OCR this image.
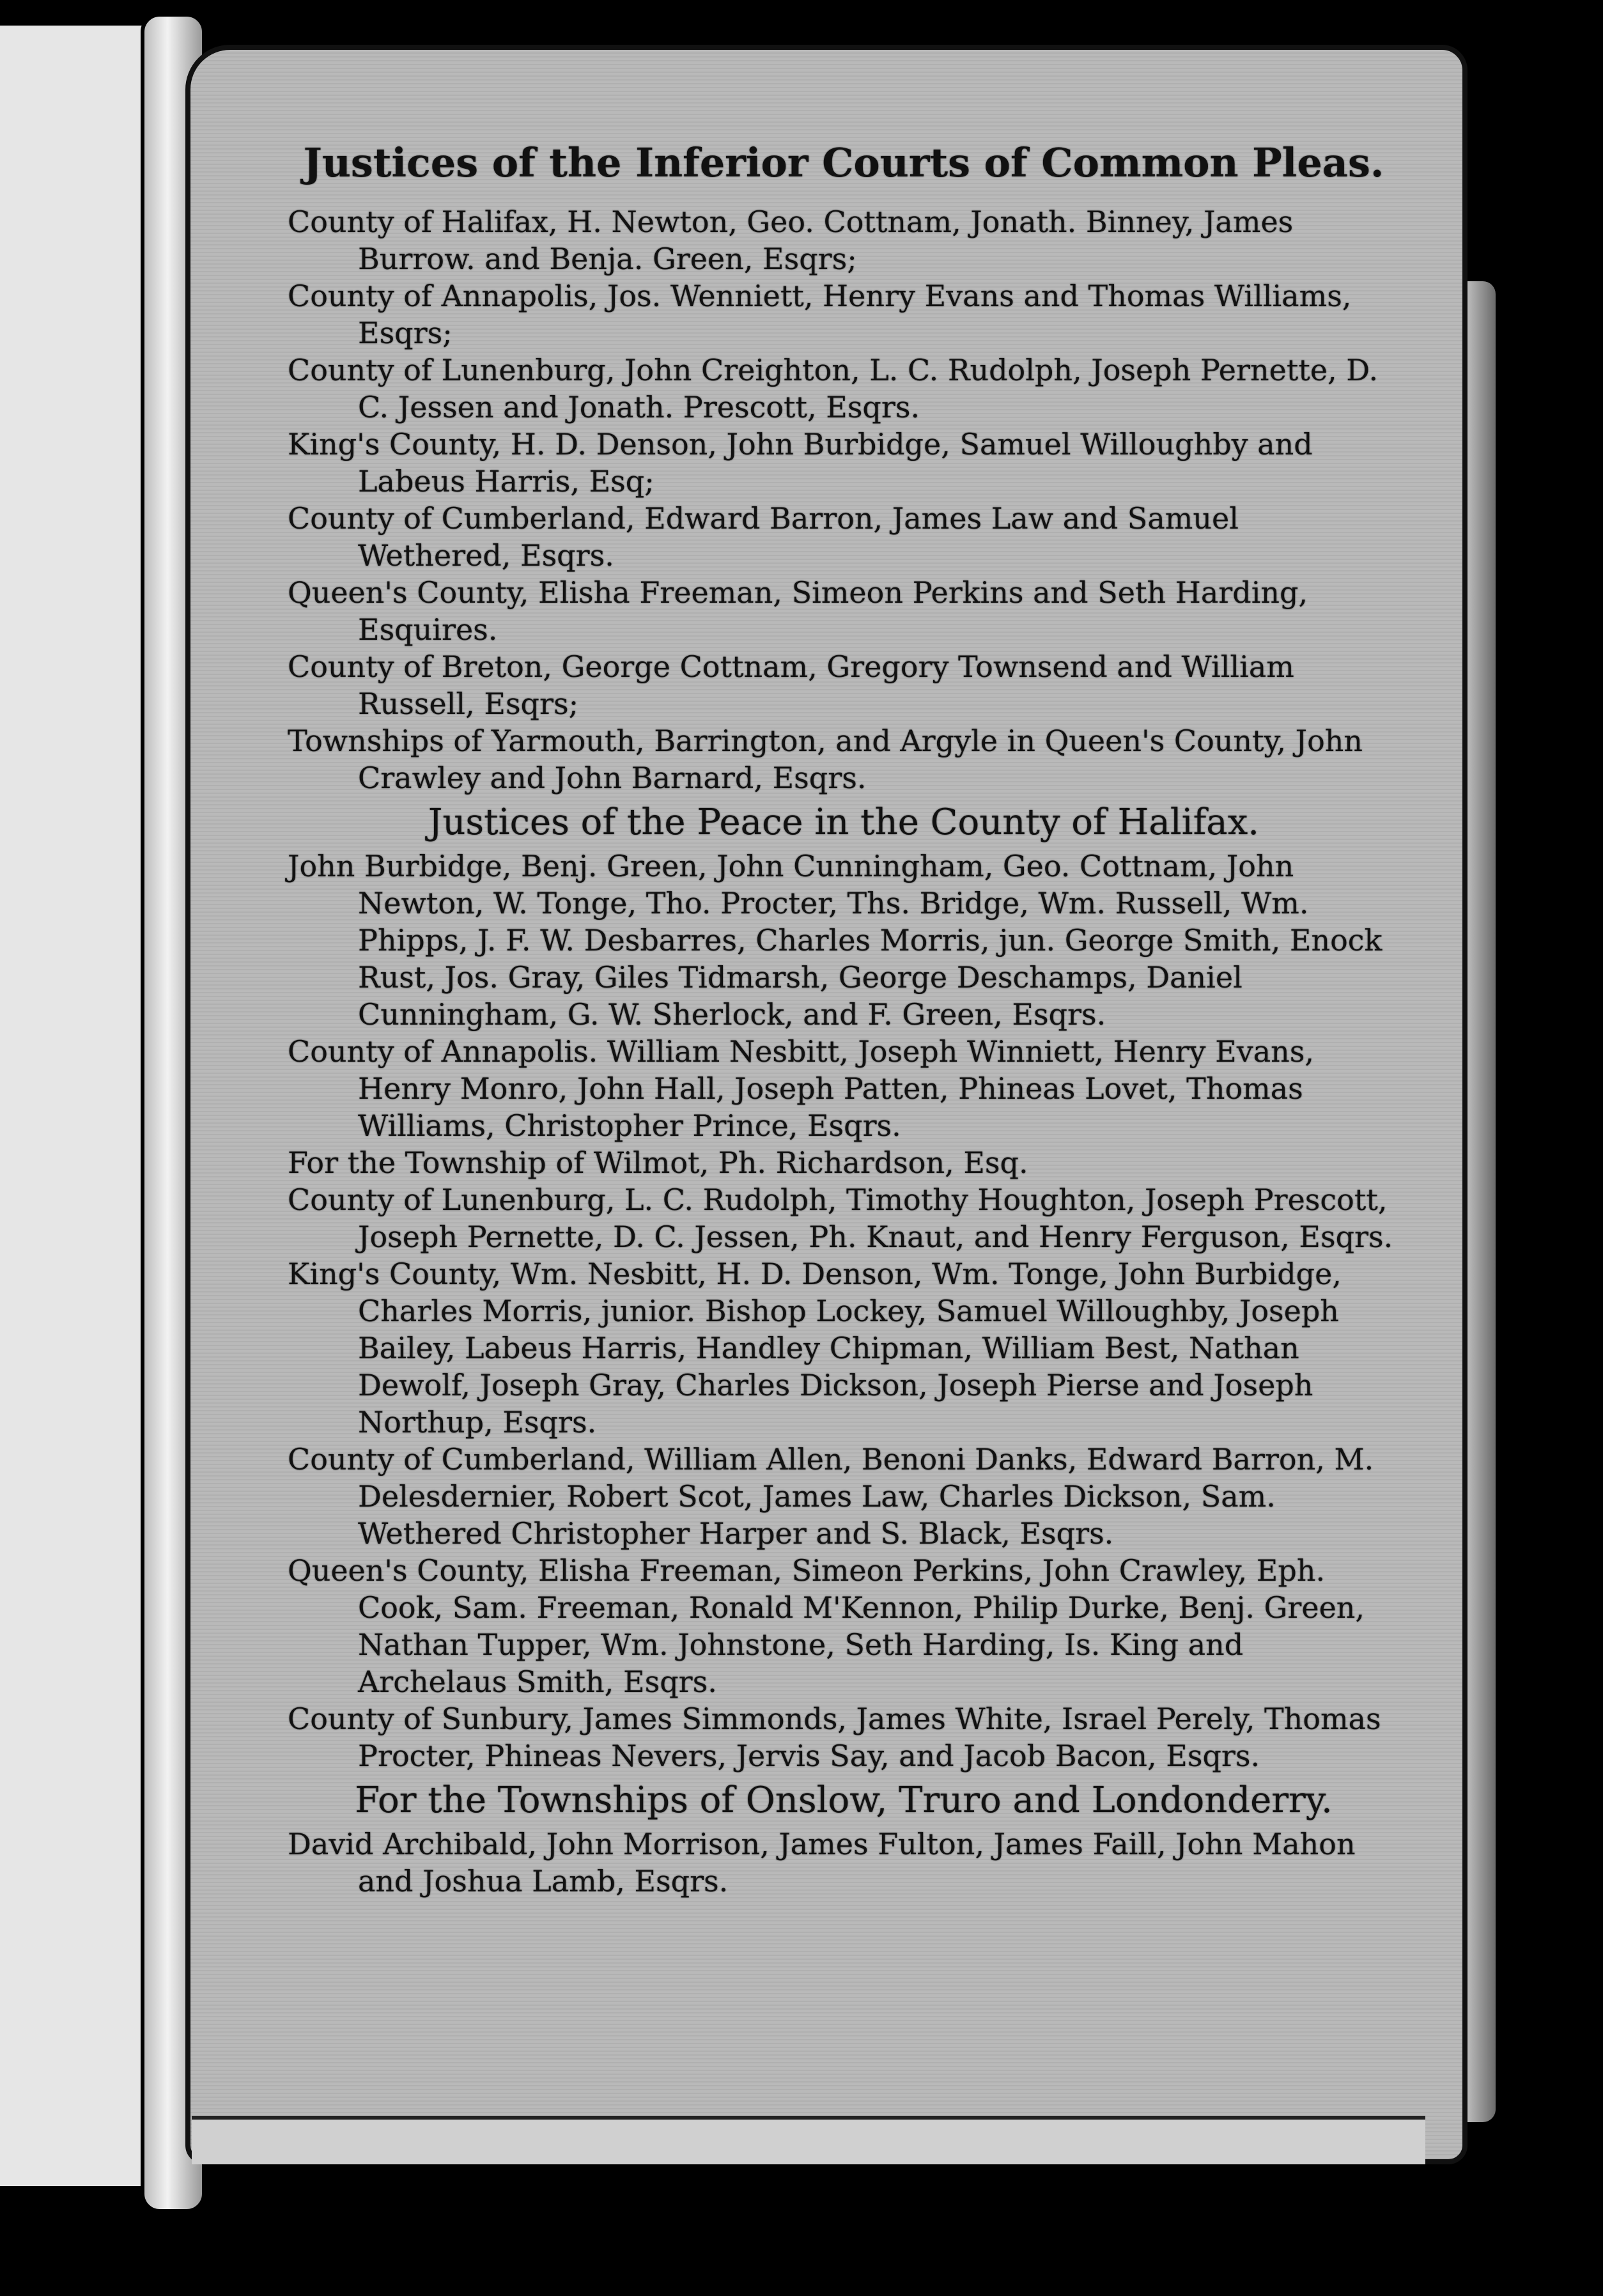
Justices of the Inferior Courts of Common Pleas.

County of Halifax, H. Newton, Geo. Cottnam, Jonath. Binney, James Burrow. and Benja. Green, Esqrs;

County of Annapolis, Jos. Wenniett, Henry Evans and Thomas Williams, Esqrs;

County of Lunenburg, John Creighton, L. C. Rudolph, Joseph Pernette, D. C. Jessen and Jonath. Prescott, Esqrs.

King's County, H. D. Denson, John Burbidge, Samuel Willoughby and Labeus Harris, Esq;

County of Cumberland, Edward Barron, James Law and Samuel Wethered, Esqrs.

Queen's County, Elisha Freeman, Simeon Perkins and Seth Harding, Esquires.

County of Breton, George Cottnam, Gregory Townsend and William Russell, Esqrs;

Townships of Yarmouth, Barrington, and Argyle in Queen's County, John Crawley and John Barnard, Esqrs.

Justices of the Peace in the County of Halifax.

John Burbidge, Benj. Green, John Cunningham, Geo. Cottnam, John Newton, W. Tonge, Tho. Procter, Ths. Bridge, Wm. Russell, Wm. Phipps, J. F. W. Desbarres, Charles Morris, jun. George Smith, Enock Rust, Jos. Gray, Giles Tidmarsh, George Deschamps, Daniel Cunningham, G. W. Sherlock, and F. Green, Esqrs.

County of Annapolis. William Nesbitt, Joseph Winniett, Henry Evans, Henry Monro, John Hall, Joseph Patten, Phineas Lovet, Thomas Williams, Christopher Prince, Esqrs.

For the Township of Wilmot, Ph. Richardson, Esq.

County of Lunenburg, L. C. Rudolph, Timothy Houghton, Joseph Prescott, Joseph Pernette, D. C. Jessen, Ph. Knaut, and Henry Ferguson, Esqrs.

King's County, Wm. Nesbitt, H. D. Denson, Wm. Tonge, John Burbidge, Charles Morris, junior. Bishop Lockey, Samuel Willoughby, Joseph Bailey, Labeus Harris, Handley Chipman, William Best, Nathan Dewolf, Joseph Gray, Charles Dickson, Joseph Pierse and Joseph Northup, Esqrs.

County of Cumberland, William Allen, Benoni Danks, Edward Barron, M. Delesdernier, Robert Scot, James Law, Charles Dickson, Sam. Wethered Christopher Harper and S. Black, Esqrs.

Queen's County, Elisha Freeman, Simeon Perkins, John Crawley, Eph. Cook, Sam. Freeman, Ronald M'Kennon, Philip Durke, Benj. Green, Nathan Tupper, Wm. Johnstone, Seth Harding, Is. King and Archelaus Smith, Esqrs.

County of Sunbury, James Simmonds, James White, Israel Perely, Thomas Procter, Phineas Nevers, Jervis Say, and Jacob Bacon, Esqrs.

For the Townships of Onslow, Truro and Londonderry.

David Archibald, John Morrison, James Fulton, James Faill, John Mahon and Joshua Lamb, Esqrs.
